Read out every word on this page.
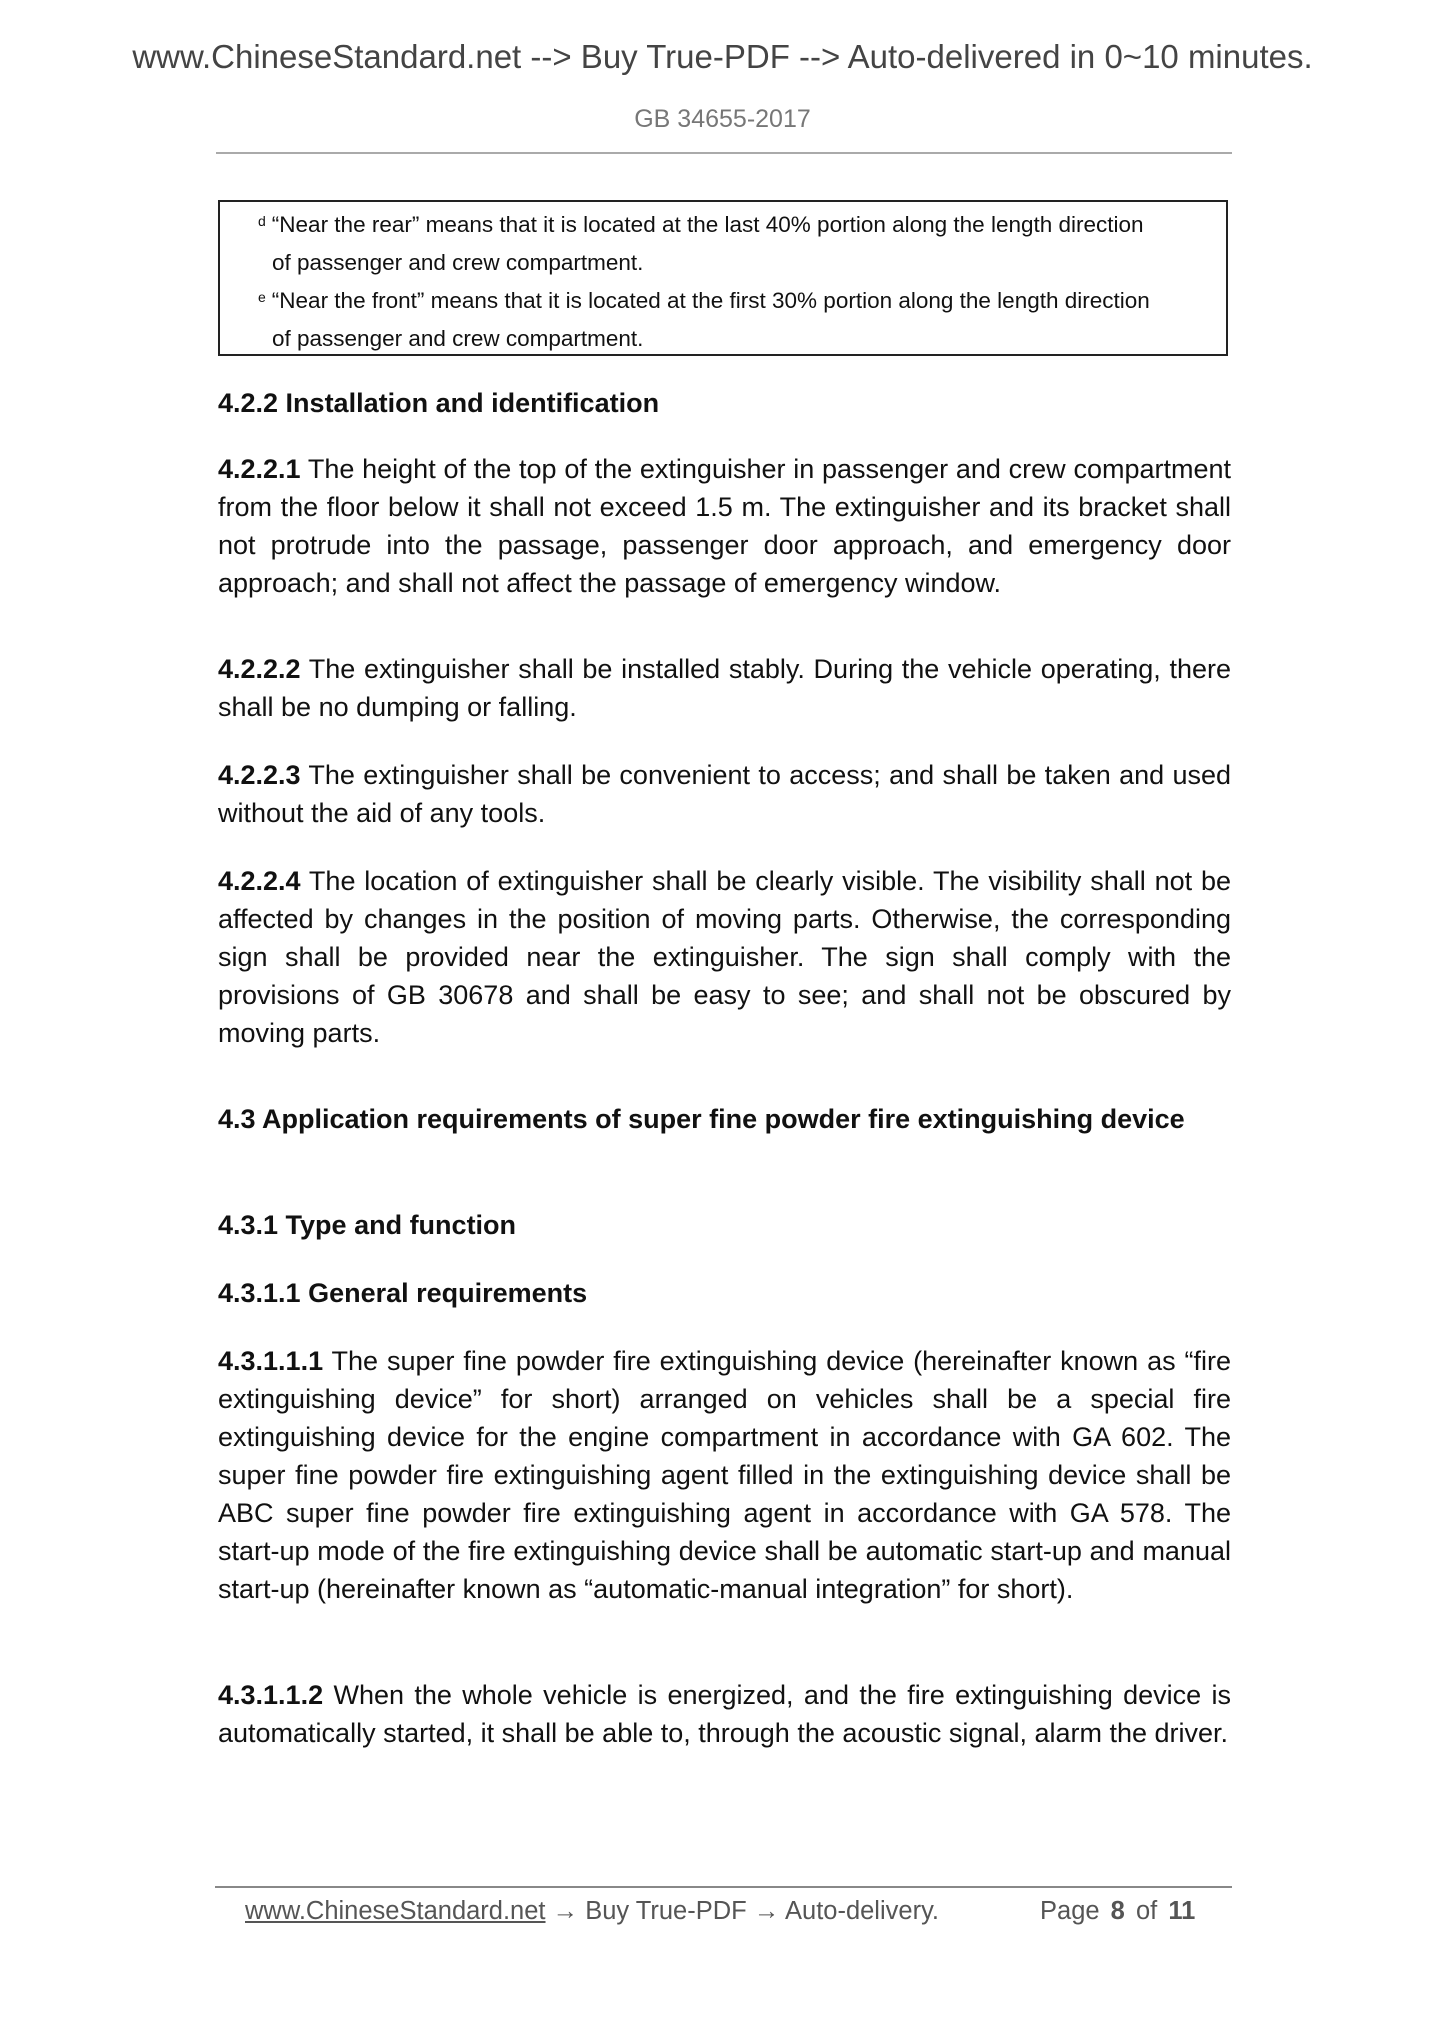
www.ChineseStandard.net --> Buy True-PDF --> Auto-delivered in 0~10 minutes.
GB 34655-2017
$^d$ “Near the rear” means that it is located at the last 40% portion along the length direction
of passenger and crew compartment.
$^e$ “Near the front” means that it is located at the first 30% portion along the length direction
of passenger and crew compartment.
4.2.2 Installation and identification
4.2.2.1 The height of the top of the extinguisher in passenger and crew compartment from the floor below it shall not exceed 1.5 m. The extinguisher and its bracket shall not protrude into the passage, passenger door approach, and emergency door approach; and shall not affect the passage of emergency window.
4.2.2.2 The extinguisher shall be installed stably. During the vehicle operating, there shall be no dumping or falling.
4.2.2.3 The extinguisher shall be convenient to access; and shall be taken and used without the aid of any tools.
4.2.2.4 The location of extinguisher shall be clearly visible. The visibility shall not be affected by changes in the position of moving parts. Otherwise, the corresponding sign shall be provided near the extinguisher. The sign shall comply with the provisions of GB 30678 and shall be easy to see; and shall not be obscured by moving parts.
4.3 Application requirements of super fine powder fire extinguishing device
4.3.1 Type and function
4.3.1.1 General requirements
4.3.1.1.1 The super fine powder fire extinguishing device (hereinafter known as “fire extinguishing device” for short) arranged on vehicles shall be a special fire extinguishing device for the engine compartment in accordance with GA 602. The super fine powder fire extinguishing agent filled in the extinguishing device shall be ABC super fine powder fire extinguishing agent in accordance with GA 578. The start-up mode of the fire extinguishing device shall be automatic start-up and manual start-up (hereinafter known as “automatic-manual integration” for short).
4.3.1.1.2 When the whole vehicle is energized, and the fire extinguishing device is automatically started, it shall be able to, through the acoustic signal, alarm the driver.
www.ChineseStandard.net → Buy True-PDF → Auto-delivery.	Page 8 of 11
